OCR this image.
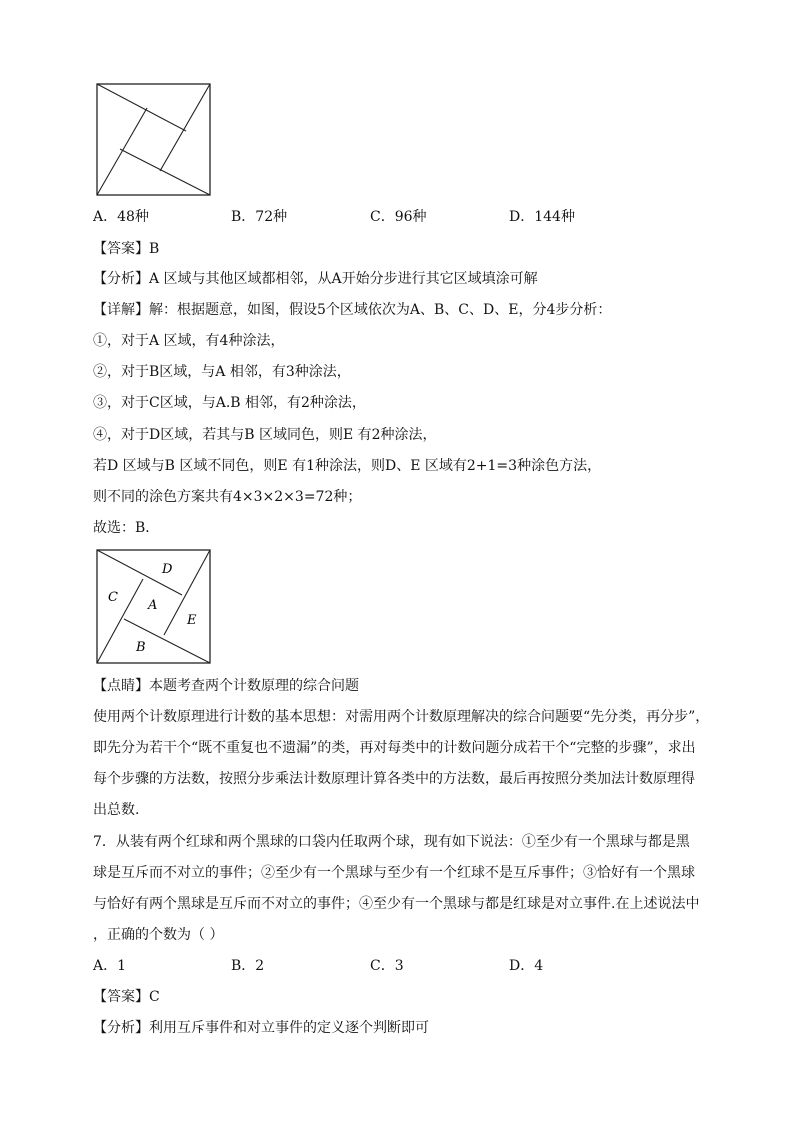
A．48种	B．72种	C．96种	D．144种
【答案】B
【分析】A 区域与其他区域都相邻，从A开始分步进行其它区域填涂可解
【详解】解：根据题意，如图，假设5个区域依次为A、B、C、D、E，分4步分析：
①，对于A 区域，有4种涂法，
②，对于B区域，与A 相邻，有3种涂法，
③，对于C区域，与A.B 相邻，有2种涂法，
④，对于D区域，若其与B 区域同色，则E 有2种涂法，
若D 区域与B 区域不同色，则E 有1种涂法，则D、E 区域有2+1=3种涂色方法，
则不同的涂色方案共有4×3×2×3=72种；
故选：B．
D
C
A
E
B
【点睛】本题考查两个计数原理的综合问题
使用两个计数原理进行计数的基本思想：对需用两个计数原理解决的综合问题要“先分类，再分步”，
即先分为若干个“既不重复也不遗漏”的类，再对每类中的计数问题分成若干个“完整的步骤”，求出
每个步骤的方法数，按照分步乘法计数原理计算各类中的方法数，最后再按照分类加法计数原理得
出总数.
7．从装有两个红球和两个黑球的口袋内任取两个球，现有如下说法：①至少有一个黑球与都是黑
球是互斥而不对立的事件；②至少有一个黑球与至少有一个红球不是互斥事件；③恰好有一个黑球
与恰好有两个黑球是互斥而不对立的事件；④至少有一个黑球与都是红球是对立事件.在上述说法中
，正确的个数为（ ）
A．1	B．2	C．3	D．4
【答案】C
【分析】利用互斥事件和对立事件的定义逐个判断即可
